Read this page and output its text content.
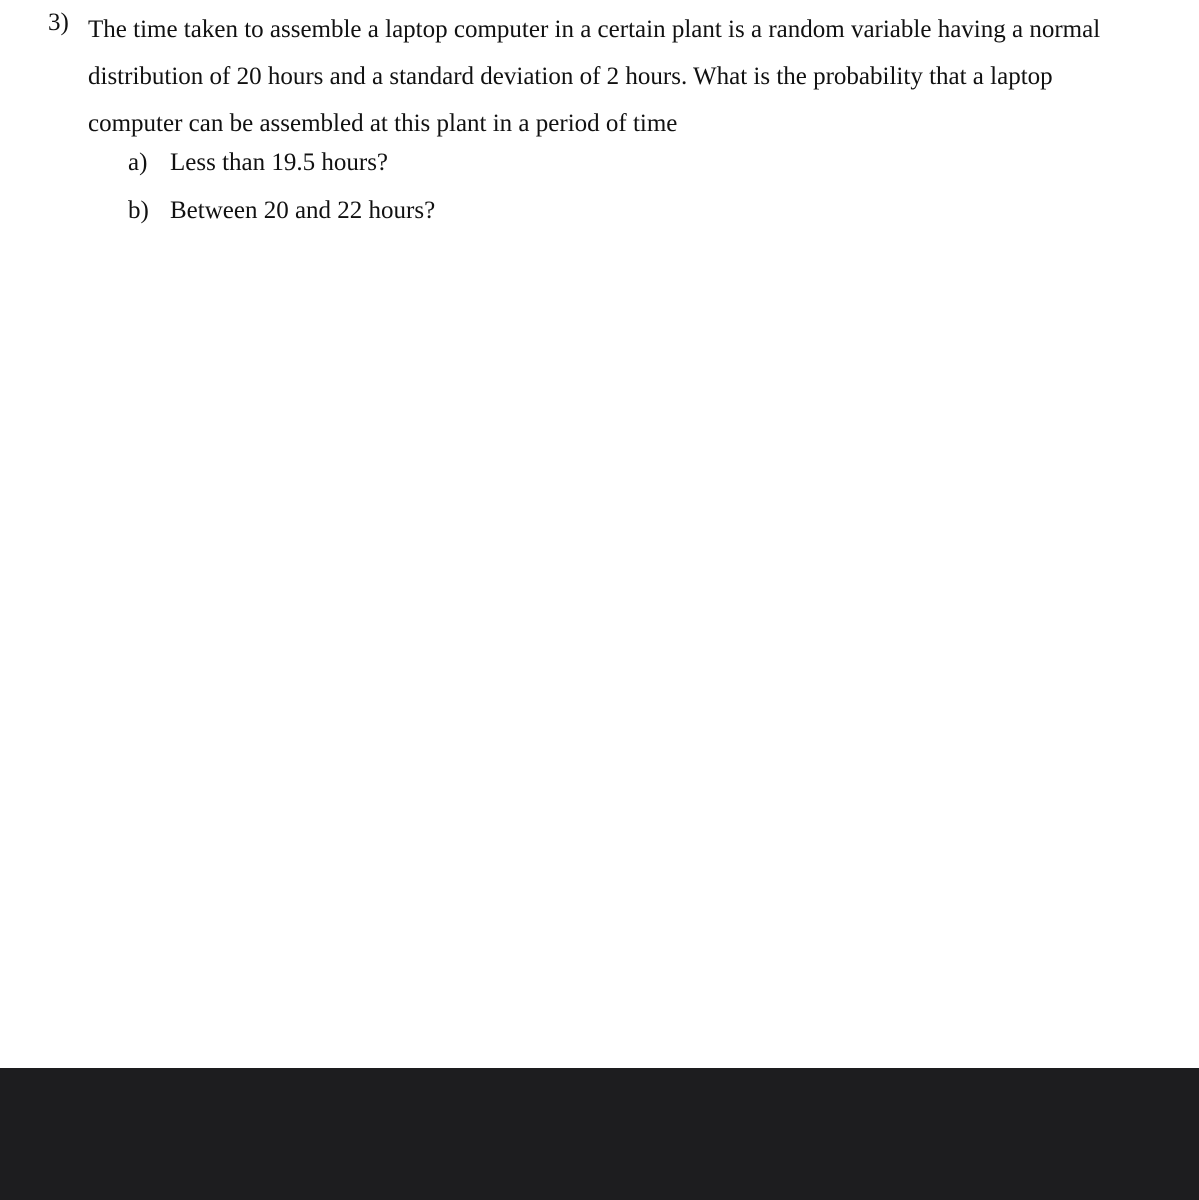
3) The time taken to assemble a laptop computer in a certain plant is a random variable having a normal distribution of 20 hours and a standard deviation of 2 hours. What is the probability that a laptop computer can be assembled at this plant in a period of time

a) Less than 19.5 hours?
b) Between 20 and 22 hours?
